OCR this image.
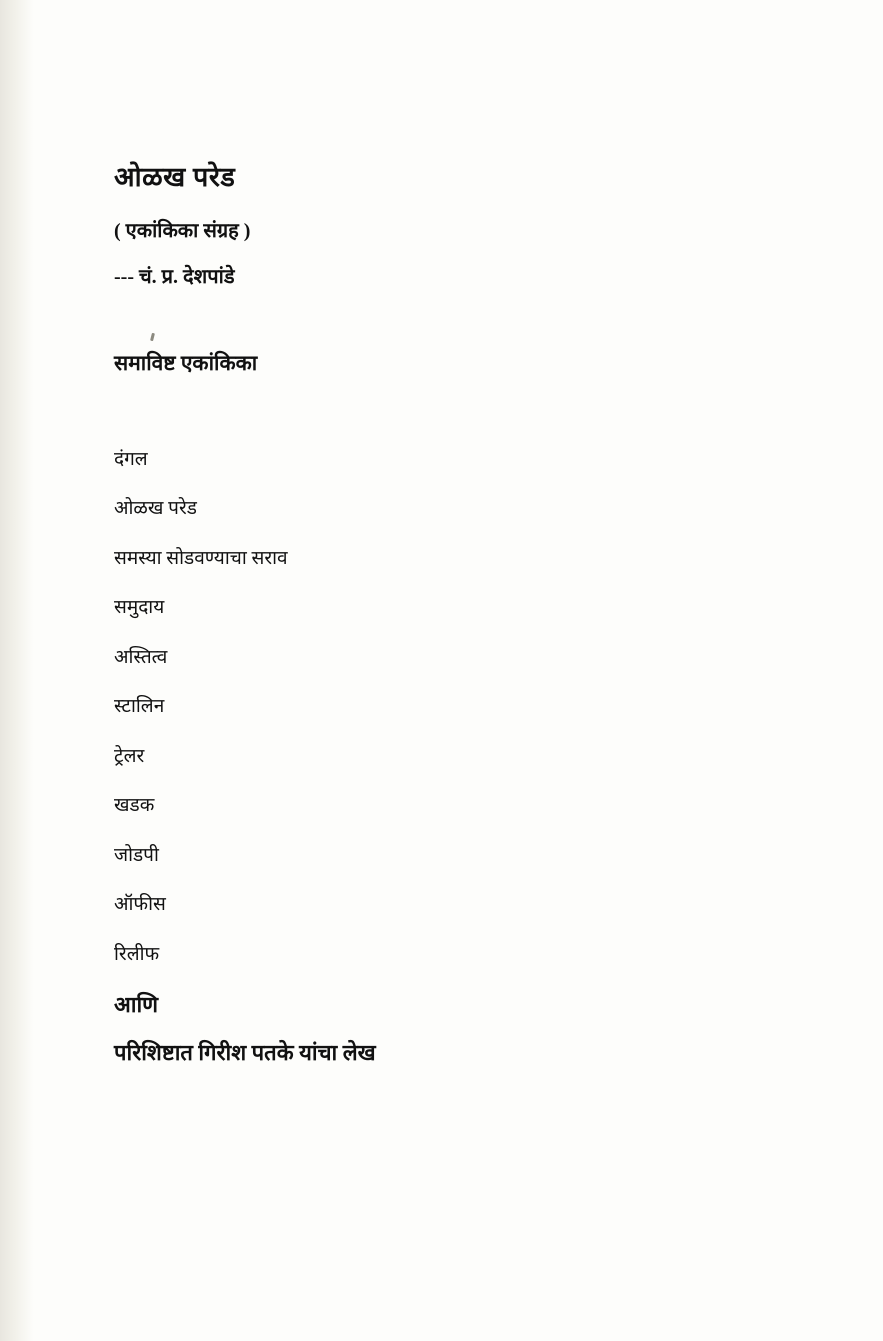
ओळख परेड

( एकांकिका संग्रह )

--- चं. प्र. देशपांडे

समाविष्ट एकांकिका
दंगल
ओळख परेड
समस्या सोडवण्याचा सराव
समुदाय
अस्तित्व
स्टालिन
ट्रेलर
खडक
जोडपी
ऑफीस
रिलीफ

आणि

परिशिष्टात गिरीश पतके यांचा लेख
